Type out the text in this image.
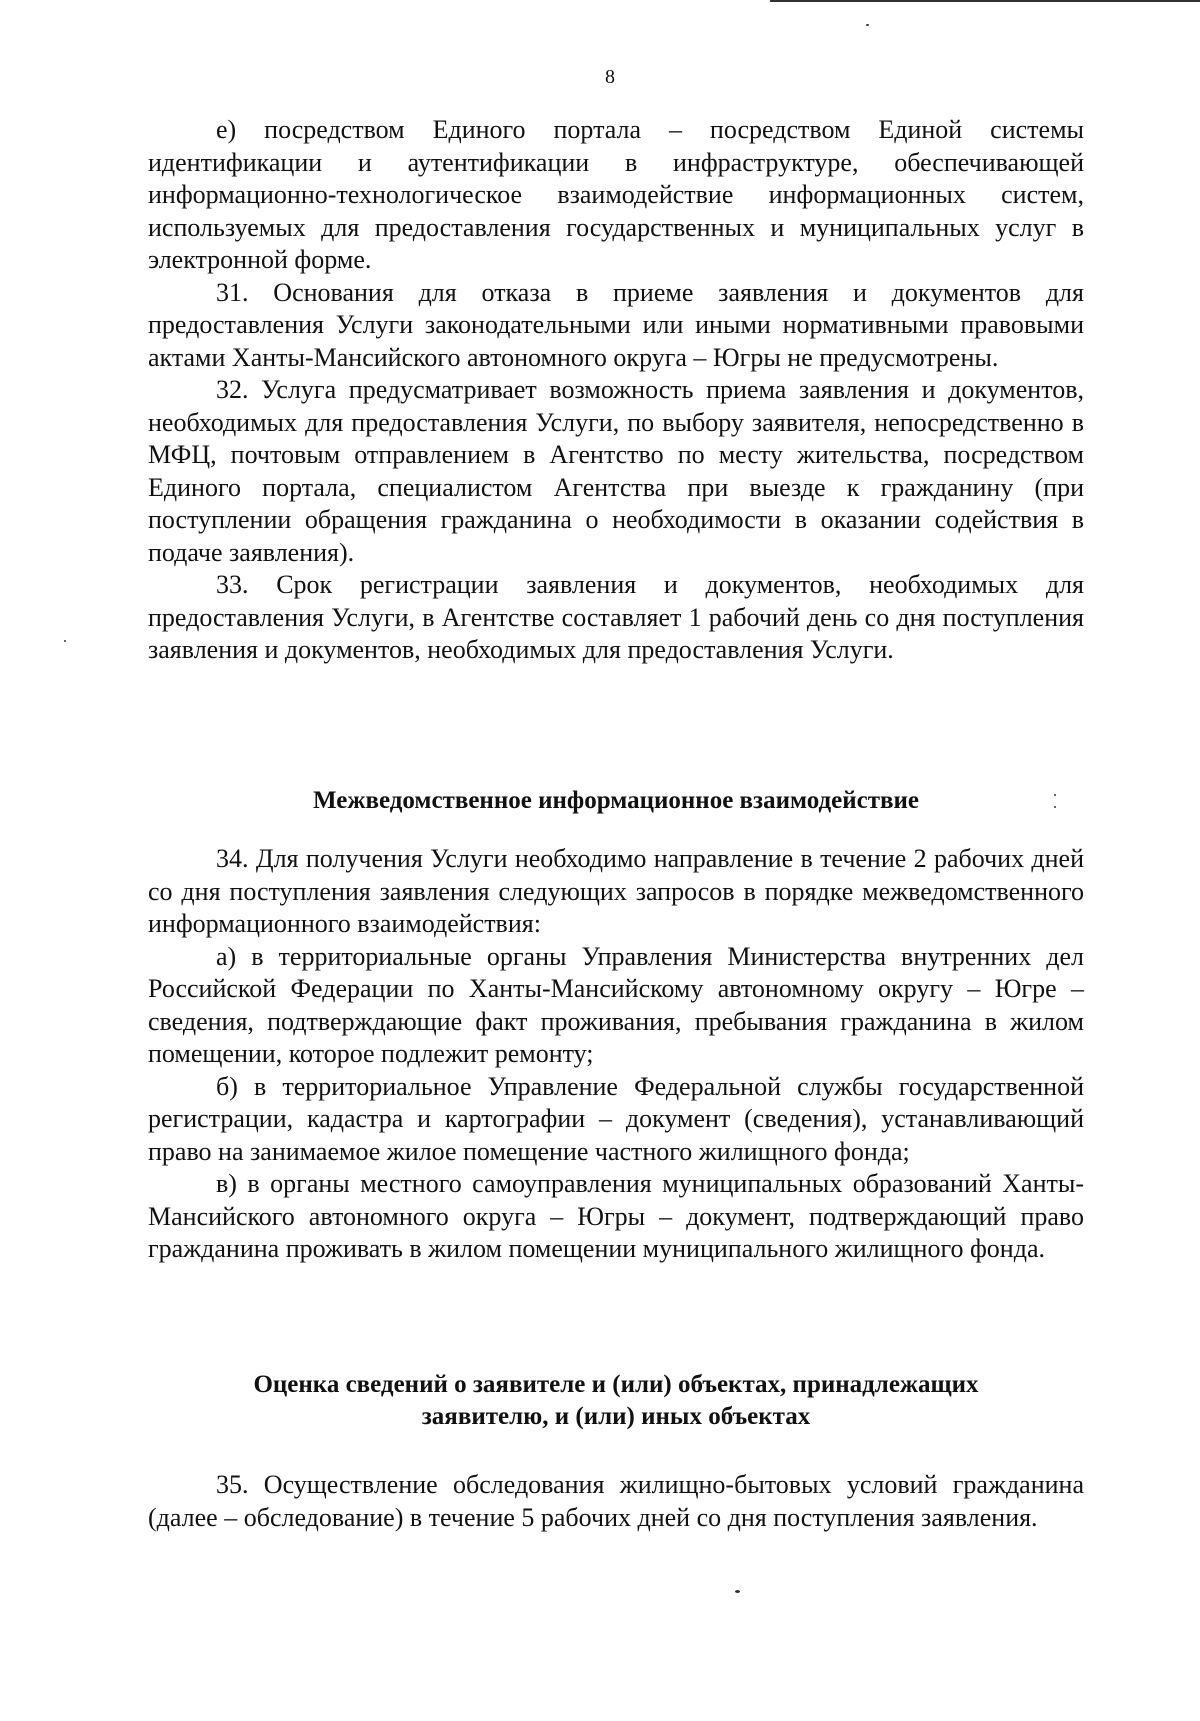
8

е) посредством Единого портала – посредством Единой системы идентификации и аутентификации в инфраструктуре, обеспечивающей информационно-технологическое взаимодействие информационных систем, используемых для предоставления государственных и муниципальных услуг в электронной форме.

31. Основания для отказа в приеме заявления и документов для предоставления Услуги законодательными или иными нормативными правовыми актами Ханты-Мансийского автономного округа – Югры не предусмотрены.

32. Услуга предусматривает возможность приема заявления и документов, необходимых для предоставления Услуги, по выбору заявителя, непосредственно в МФЦ, почтовым отправлением в Агентство по месту жительства, посредством Единого портала, специалистом Агентства при выезде к гражданину (при поступлении обращения гражданина о необходимости в оказании содействия в подаче заявления).

33. Срок регистрации заявления и документов, необходимых для предоставления Услуги, в Агентстве составляет 1 рабочий день со дня поступления заявления и документов, необходимых для предоставления Услуги.

Межведомственное информационное взаимодействие

34. Для получения Услуги необходимо направление в течение 2 рабочих дней со дня поступления заявления следующих запросов в порядке межведомственного информационного взаимодействия:

а) в территориальные органы Управления Министерства внутренних дел Российской Федерации по Ханты-Мансийскому автономному округу – Югре – сведения, подтверждающие факт проживания, пребывания гражданина в жилом помещении, которое подлежит ремонту;

б) в территориальное Управление Федеральной службы государственной регистрации, кадастра и картографии – документ (сведения), устанавливающий право на занимаемое жилое помещение частного жилищного фонда;

в) в органы местного самоуправления муниципальных образований Ханты-Мансийского автономного округа – Югры – документ, подтверждающий право гражданина проживать в жилом помещении муниципального жилищного фонда.

Оценка сведений о заявителе и (или) объектах, принадлежащих
заявителю, и (или) иных объектах

35. Осуществление обследования жилищно-бытовых условий гражданина (далее – обследование) в течение 5 рабочих дней со дня поступления заявления.
